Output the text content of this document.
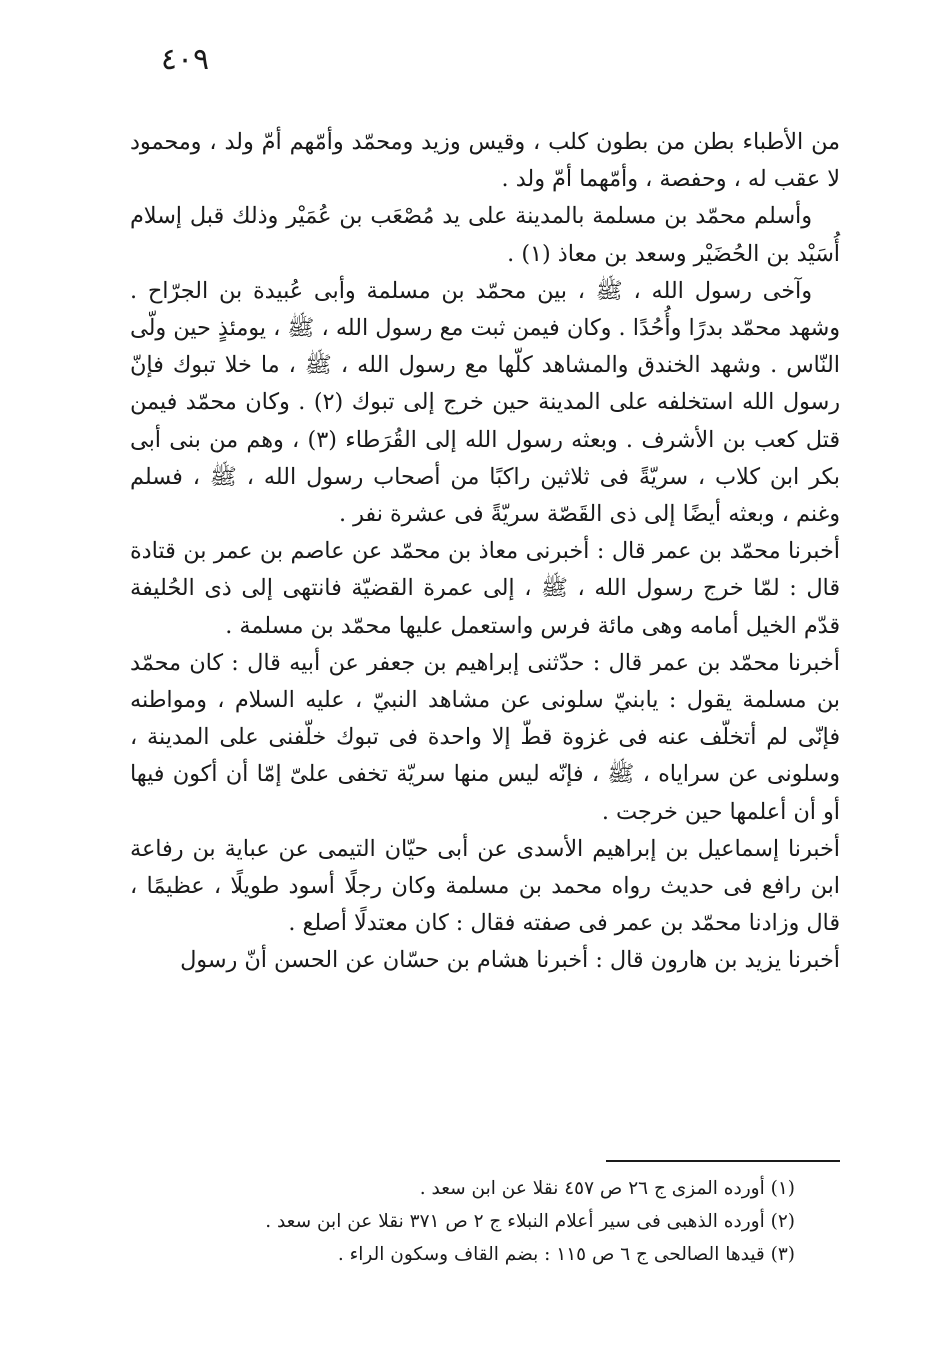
٤٠٩

من الأطباء بطن من بطون كلب ، وقيس وزيد ومحمّد وأمّهم أمّ ولد ، ومحمود لا عقب له ، وحفصة ، وأمّهما أمّ ولد .

وأسلم محمّد بن مسلمة بالمدينة على يد مُصْعَب بن عُمَيْر وذلك قبل إسلام أُسَيْد بن الحُضَيْر وسعد بن معاذ (١) .

وآخى رسول الله ، ﷺ ، بين محمّد بن مسلمة وأبى عُبيدة بن الجرّاح . وشهد محمّد بدرًا وأُحُدًا . وكان فيمن ثبت مع رسول الله ، ﷺ ، يومئذٍ حين ولّى النّاس . وشهد الخندق والمشاهد كلّها مع رسول الله ، ﷺ ، ما خلا تبوك فإنّ رسول الله استخلفه على المدينة حين خرج إلى تبوك (٢) . وكان محمّد فيمن قتل كعب بن الأشرف . وبعثه رسول الله إلى القُرَطاء (٣) ، وهم من بنى أبى بكر ابن كلاب ، سريّةً فى ثلاثين راكبًا من أصحاب رسول الله ، ﷺ ، فسلم وغنم ، وبعثه أيضًا إلى ذى القَصّة سريّةً فى عشرة نفر .

أخبرنا محمّد بن عمر قال : أخبرنى معاذ بن محمّد عن عاصم بن عمر بن قتادة قال : لمّا خرج رسول الله ، ﷺ ، إلى عمرة القضيّة فانتهى إلى ذى الحُليفة قدّم الخيل أمامه وهى مائة فرس واستعمل عليها محمّد بن مسلمة .

أخبرنا محمّد بن عمر قال : حدّثنى إبراهيم بن جعفر عن أبيه قال : كان محمّد بن مسلمة يقول : يابنيّ سلونى عن مشاهد النبيّ ، عليه السلام ، ومواطنه فإنّى لم أتخلّف عنه فى غزوة قطّ إلا واحدة فى تبوك خلّفنى على المدينة ، وسلونى عن سراياه ، ﷺ ، فإنّه ليس منها سريّة تخفى علىّ إمّا أن أكون فيها أو أن أعلمها حين خرجت .

أخبرنا إسماعيل بن إبراهيم الأسدى عن أبى حيّان التيمى عن عباية بن رفاعة ابن رافع فى حديث رواه محمد بن مسلمة وكان رجلًا أسود طويلًا ، عظيمًا ، قال وزادنا محمّد بن عمر فى صفته فقال : كان معتدلًا أصلع .

أخبرنا يزيد بن هارون قال : أخبرنا هشام بن حسّان عن الحسن أنّ رسول

(١) أورده المزى ج ٢٦ ص ٤٥٧ نقلا عن ابن سعد .

(٢) أورده الذهبى فى سير أعلام النبلاء ج ٢ ص ٣٧١ نقلا عن ابن سعد .

(٣) قيدها الصالحى ج ٦ ص ١١٥ : بضم القاف وسكون الراء .
